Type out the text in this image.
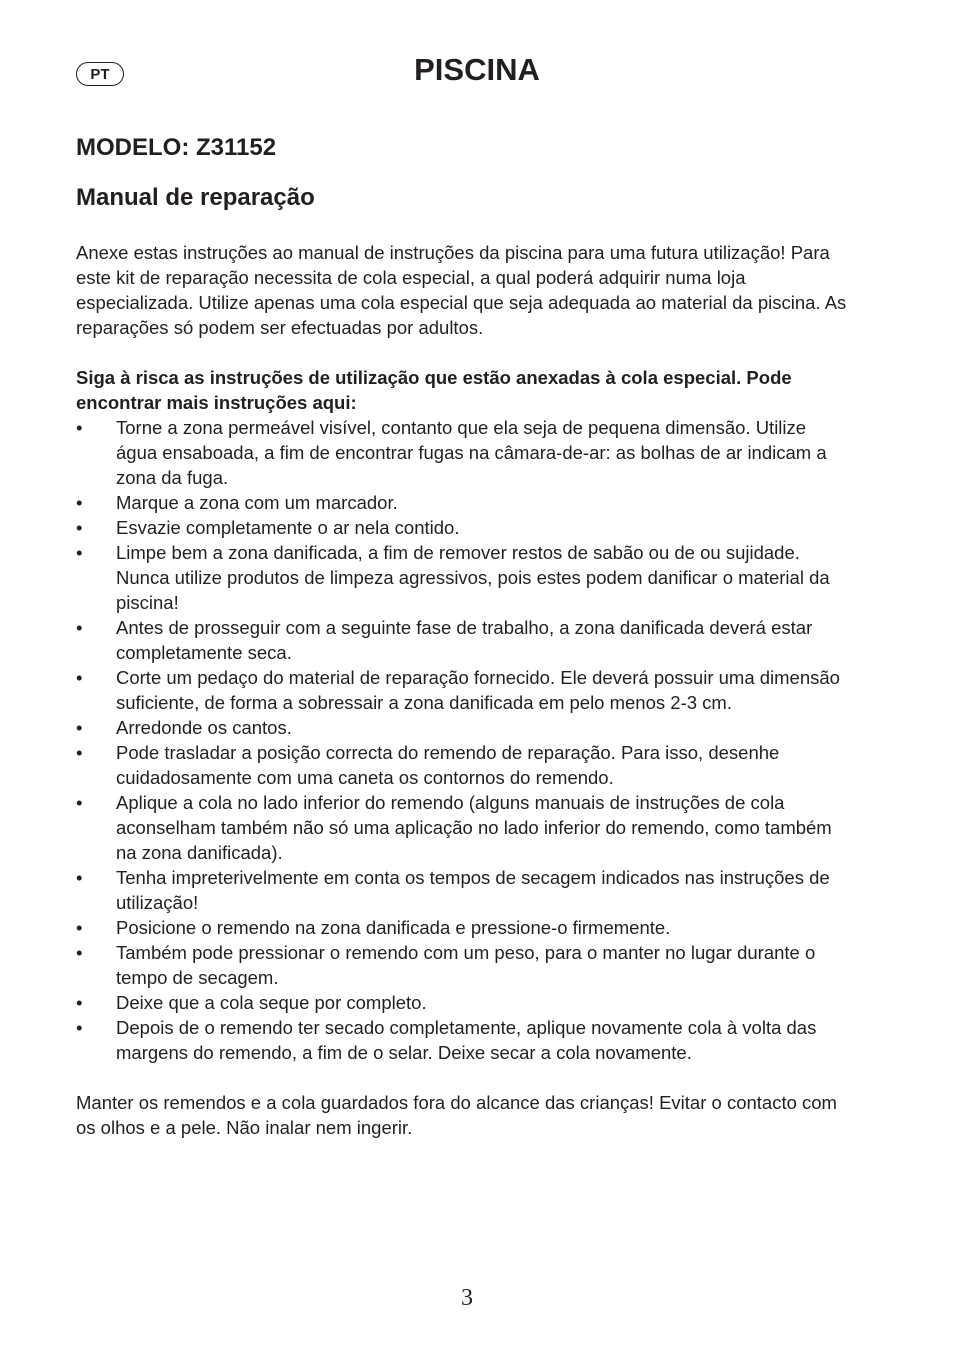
PT	PISCINA
MODELO: Z31152
Manual de reparação

Anexe estas instruções ao manual de instruções da piscina para uma futura utilização! Para este kit de reparação necessita de cola especial, a qual poderá adquirir numa loja especializada. Utilize apenas uma cola especial que seja adequada ao material da piscina. As reparações só podem ser efectuadas por adultos.

Siga à risca as instruções de utilização que estão anexadas à cola especial. Pode encontrar mais instruções aqui:

• Torne a zona permeável visível, contanto que ela seja de pequena dimensão. Utilize água ensaboada, a fim de encontrar fugas na câmara-de-ar: as bolhas de ar indicam a zona da fuga.
• Marque a zona com um marcador.
• Esvazie completamente o ar nela contido.
• Limpe bem a zona danificada, a fim de remover restos de sabão ou de ou sujidade. Nunca utilize produtos de limpeza agressivos, pois estes podem danificar o material da piscina!
• Antes de prosseguir com a seguinte fase de trabalho, a zona danificada deverá estar completamente seca.
• Corte um pedaço do material de reparação fornecido. Ele deverá possuir uma dimensão suficiente, de forma a sobressair a zona danificada em pelo menos 2-3 cm.
• Arredonde os cantos.
• Pode trasladar a posição correcta do remendo de reparação. Para isso, desenhe cuidadosamente com uma caneta os contornos do remendo.
• Aplique a cola no lado inferior do remendo (alguns manuais de instruções de cola aconselham também não só uma aplicação no lado inferior do remendo, como também na zona danificada).
• Tenha impreterivelmente em conta os tempos de secagem indicados nas instruções de utilização!
• Posicione o remendo na zona danificada e pressione-o firmemente.
• Também pode pressionar o remendo com um peso, para o manter no lugar durante o tempo de secagem.
• Deixe que a cola seque por completo.
• Depois de o remendo ter secado completamente, aplique novamente cola à volta das margens do remendo, a fim de o selar. Deixe secar a cola novamente.

Manter os remendos e a cola guardados fora do alcance das crianças! Evitar o contacto com os olhos e a pele. Não inalar nem ingerir.

3
